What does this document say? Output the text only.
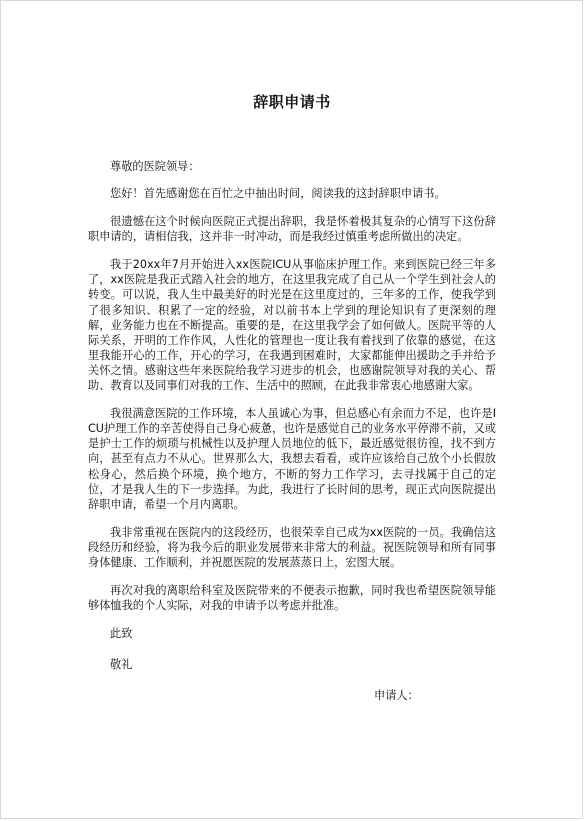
辞职申请书
尊敬的医院领导：

您好！首先感谢您在百忙之中抽出时间，阅读我的这封辞职申请书。

很遗憾在这个时候向医院正式提出辞职，我是怀着极其复杂的心情写下这份辞职申请的，请相信我，这并非一时冲动，而是我经过慎重考虑所做出的决定。

我于20xx年7月开始进入xx医院ICU从事临床护理工作。来到医院已经三年多了，xx医院是我正式踏入社会的地方，在这里我完成了自己从一个学生到社会人的转变。可以说，我人生中最美好的时光是在这里度过的，三年多的工作，使我学到了很多知识、积累了一定的经验，对以前书本上学到的理论知识有了更深刻的理解，业务能力也在不断提高。重要的是，在这里我学会了如何做人。医院平等的人际关系，开明的工作作风，人性化的管理也一度让我有着找到了依靠的感觉，在这里我能开心的工作，开心的学习，在我遇到困难时，大家都能伸出援助之手并给予关怀之情。感谢这些年来医院给我学习进步的机会，也感谢院领导对我的关心、帮助、教育以及同事们对我的工作、生活中的照顾，在此我非常衷心地感谢大家。

我很满意医院的工作环境，本人虽诚心为事，但总感心有余而力不足，也许是ICU护理工作的辛苦使得自己身心疲惫，也许是感觉自己的业务水平停滞不前，又或是护士工作的烦琐与机械性以及护理人员地位的低下，最近感觉很彷徨，找不到方向，甚至有点力不从心。世界那么大，我想去看看，或许应该给自己放个小长假放松身心，然后换个环境，换个地方，不断的努力工作学习，去寻找属于自己的定位，才是我人生的下一步选择。为此，我进行了长时间的思考，现正式向医院提出辞职申请，希望一个月内离职。

我非常重视在医院内的这段经历，也很荣幸自己成为xx医院的一员。我确信这段经历和经验，将为我今后的职业发展带来非常大的利益。祝医院领导和所有同事身体健康、工作顺利，并祝愿医院的发展蒸蒸日上，宏图大展。

再次对我的离职给科室及医院带来的不便表示抱歉，同时我也希望医院领导能够体恤我的个人实际，对我的申请予以考虑并批准。

此致
敬礼
申请人：
